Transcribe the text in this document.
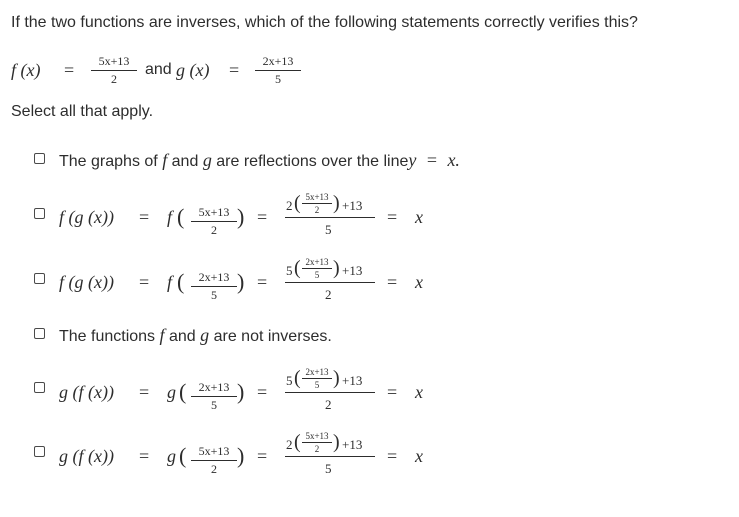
If the two functions are inverses, which of the following statements correctly verifies this?
f (x) =	5x+13
2
and g (x) =	2x+13
5
Select all that apply.
The graphs of f and g are reflections over the liney = x.
f (g (x)) = f (	5x+13
2
) =
2 ( 5x+13
2 ) +13
5
= x
f (g (x)) = f (	2x+13
5
) =
5 ( 2x+13
5 ) +13
2
= x
The functions f and g are not inverses.
g (f (x)) = g (	2x+13
5
) =
5 ( 2x+13
5 ) +13
2
= x
g (f (x)) = g (	5x+13
2
) =
2 ( 5x+13
2 ) +13
5
= x
